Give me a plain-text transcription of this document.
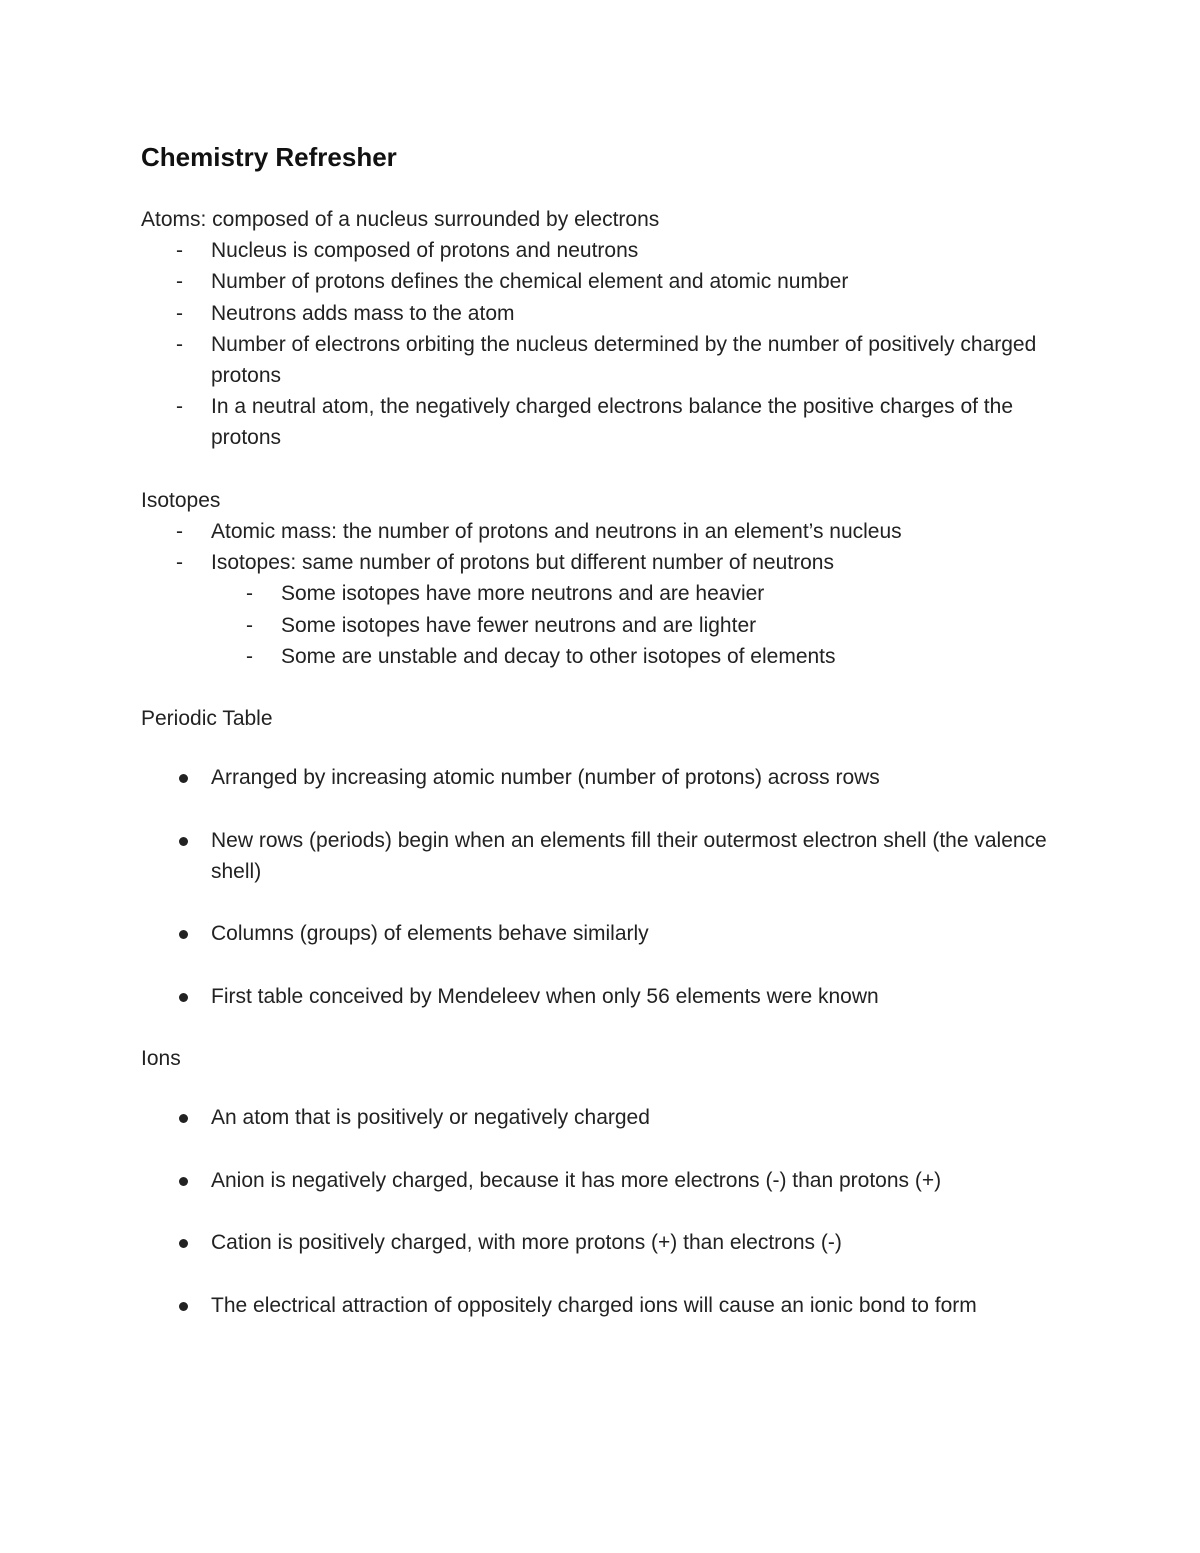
Chemistry Refresher

Atoms: composed of a nucleus surrounded by electrons

- Nucleus is composed of protons and neutrons
- Number of protons defines the chemical element and atomic number
- Neutrons adds mass to the atom
- Number of electrons orbiting the nucleus determined by the number of positively charged protons
- In a neutral atom, the negatively charged electrons balance the positive charges of the protons

Isotopes

- Atomic mass: the number of protons and neutrons in an element’s nucleus
- Isotopes: same number of protons but different number of neutrons
- Some isotopes have more neutrons and are heavier
- Some isotopes have fewer neutrons and are lighter
- Some are unstable and decay to other isotopes of elements

Periodic Table

Arranged by increasing atomic number (number of protons) across rows
New rows (periods) begin when an elements fill their outermost electron shell (the valence shell)
Columns (groups) of elements behave similarly
First table conceived by Mendeleev when only 56 elements were known

Ions

An atom that is positively or negatively charged
Anion is negatively charged, because it has more electrons (-) than protons (+)
Cation is positively charged, with more protons (+) than electrons (-)
The electrical attraction of oppositely charged ions will cause an ionic bond to form
